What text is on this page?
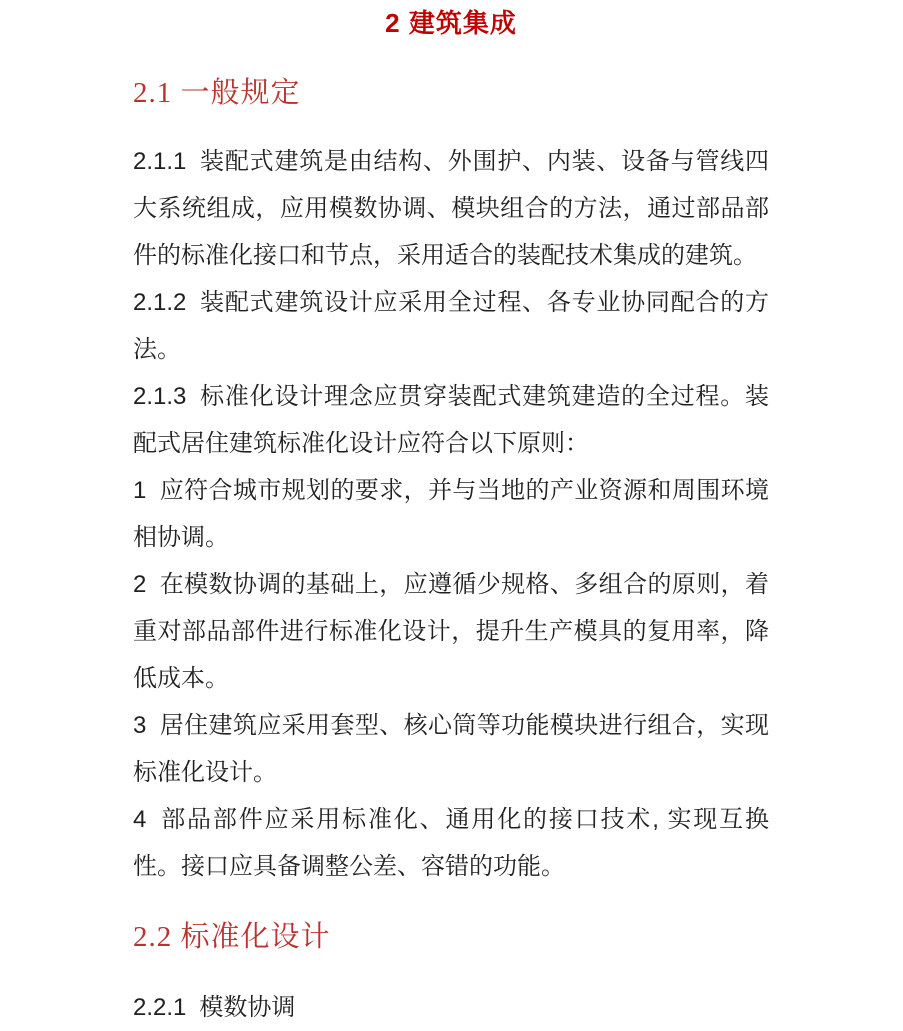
2 建筑集成
2.1 一般规定

2.1.1 装配式建筑是由结构、外围护、内装、设备与管线四大系统组成，应用模数协调、模块组合的方法，通过部品部件的标准化接口和节点，采用适合的装配技术集成的建筑。

2.1.2 装配式建筑设计应采用全过程、各专业协同配合的方法。

2.1.3 标准化设计理念应贯穿装配式建筑建造的全过程。装配式居住建筑标准化设计应符合以下原则：

1 应符合城市规划的要求，并与当地的产业资源和周围环境相协调。

2 在模数协调的基础上，应遵循少规格、多组合的原则，着重对部品部件进行标准化设计，提升生产模具的复用率，降低成本。

3 居住建筑应采用套型、核心筒等功能模块进行组合，实现标准化设计。

4 部品部件应采用标准化、通用化的接口技术, 实现互换性。接口应具备调整公差、容错的功能。

2.2 标准化设计

2.2.1 模数协调
